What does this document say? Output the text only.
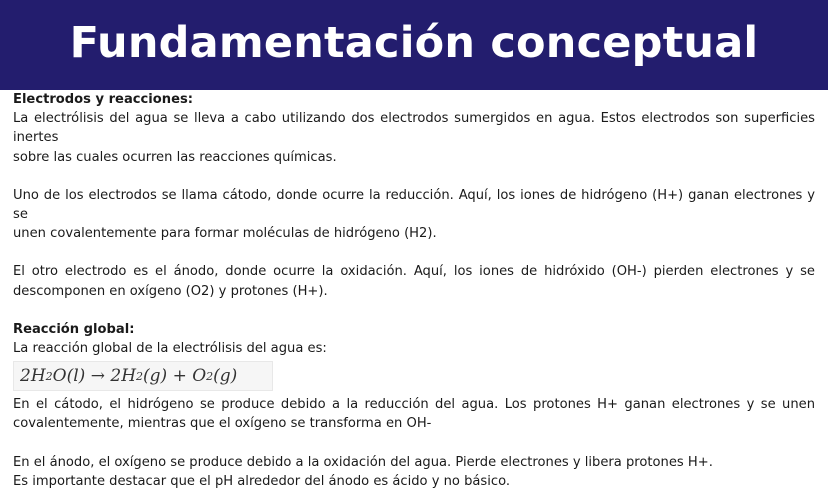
Fundamentación conceptual
Electrodos y reacciones:

La electrólisis del agua se lleva a cabo utilizando dos electrodos sumergidos en agua. Estos electrodos son superficies inertes
sobre las cuales ocurren las reacciones químicas.

Uno de los electrodos se llama cátodo, donde ocurre la reducción. Aquí, los iones de hidrógeno (H+) ganan electrones y se
unen covalentemente para formar moléculas de hidrógeno (H2).

El otro electrodo es el ánodo, donde ocurre la oxidación. Aquí, los iones de hidróxido (OH-) pierden electrones y se
descomponen en oxígeno (O2) y protones (H+).

Reacción global:
La reacción global de la electrólisis del agua es:
2 H 2 O(l) → 2 H 2 (g) + O 2 (g)

En el cátodo, el hidrógeno se produce debido a la reducción del agua. Los protones H+ ganan electrones y se unen
covalentemente, mientras que el oxígeno se transforma en OH-

En el ánodo, el oxígeno se produce debido a la oxidación del agua. Pierde electrones y libera protones H+.
Es importante destacar que el pH alrededor del ánodo es ácido y no básico.
